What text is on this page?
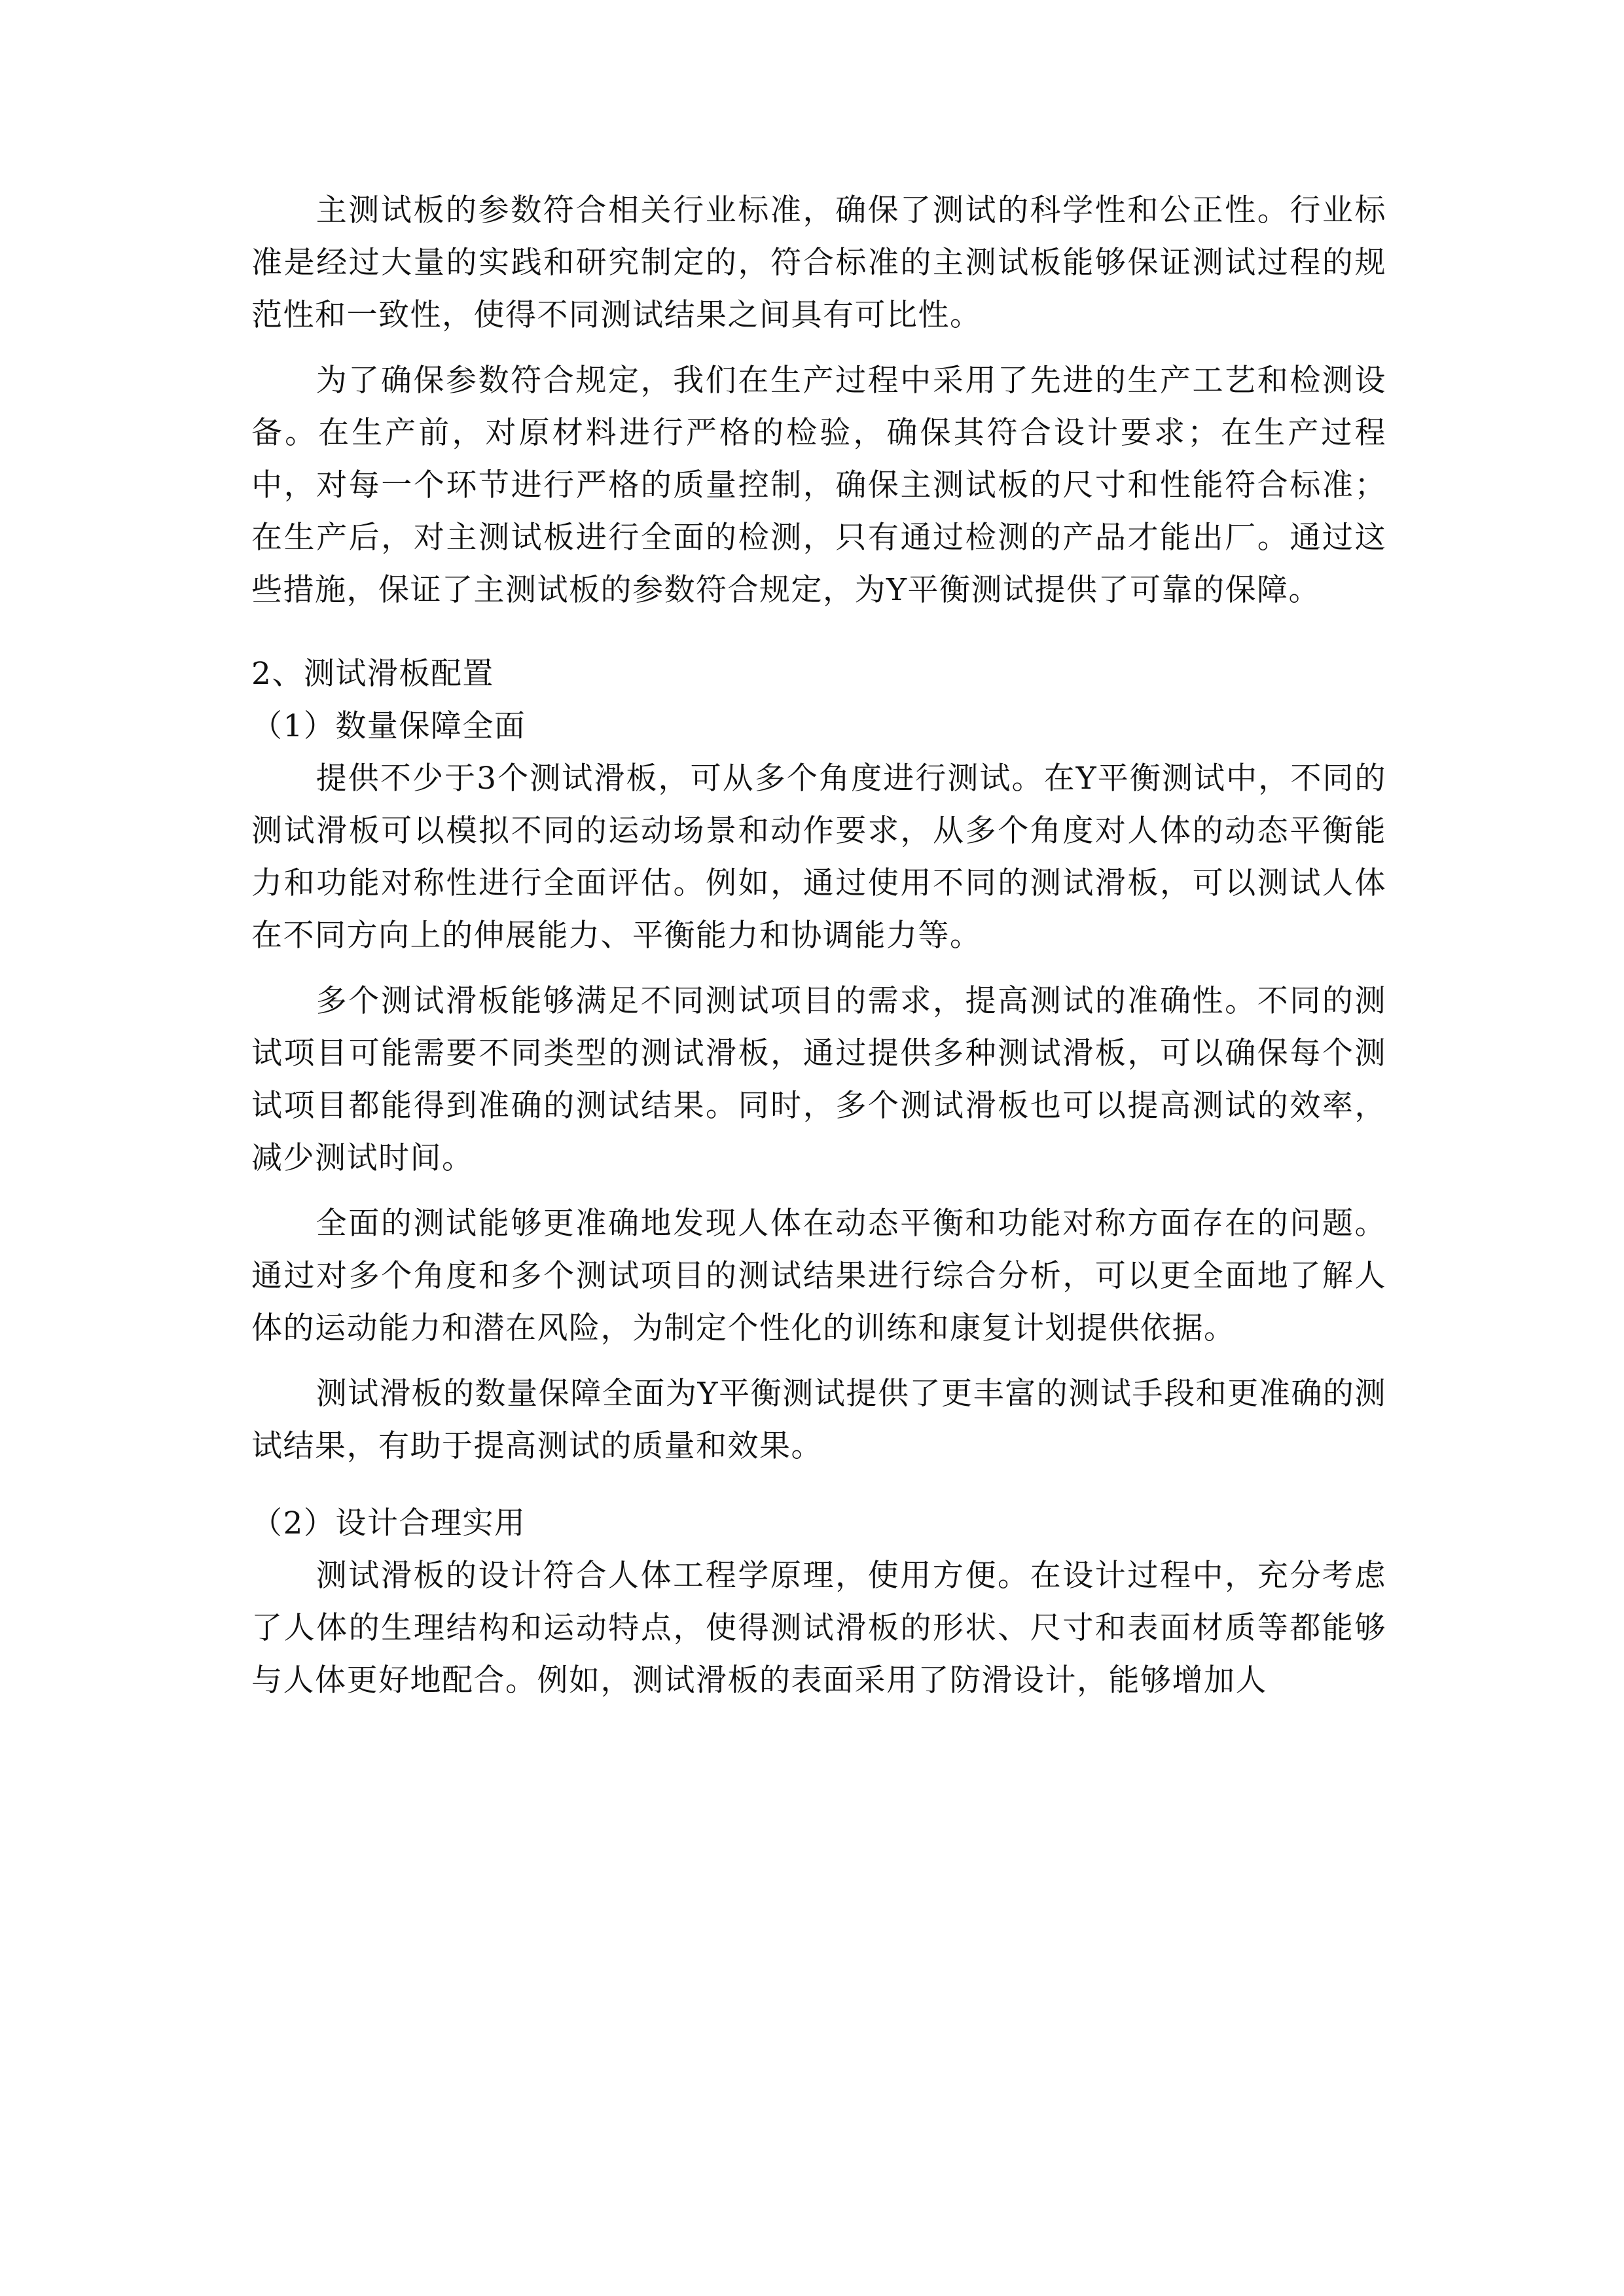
主测试板的参数符合相关行业标准，确保了测试的科学性和公正性。行业标准是经过大量的实践和研究制定的，符合标准的主测试板能够保证测试过程的规范性和一致性，使得不同测试结果之间具有可比性。

为了确保参数符合规定，我们在生产过程中采用了先进的生产工艺和检测设备。在生产前，对原材料进行严格的检验，确保其符合设计要求；在生产过程中，对每一个环节进行严格的质量控制，确保主测试板的尺寸和性能符合标准；在生产后，对主测试板进行全面的检测，只有通过检测的产品才能出厂。通过这些措施，保证了主测试板的参数符合规定，为Y平衡测试提供了可靠的保障。

2、测试滑板配置

（1）数量保障全面

提供不少于3个测试滑板，可从多个角度进行测试。在Y平衡测试中，不同的测试滑板可以模拟不同的运动场景和动作要求，从多个角度对人体的动态平衡能力和功能对称性进行全面评估。例如，通过使用不同的测试滑板，可以测试人体在不同方向上的伸展能力、平衡能力和协调能力等。

多个测试滑板能够满足不同测试项目的需求，提高测试的准确性。不同的测试项目可能需要不同类型的测试滑板，通过提供多种测试滑板，可以确保每个测试项目都能得到准确的测试结果。同时，多个测试滑板也可以提高测试的效率，减少测试时间。

全面的测试能够更准确地发现人体在动态平衡和功能对称方面存在的问题。通过对多个角度和多个测试项目的测试结果进行综合分析，可以更全面地了解人体的运动能力和潜在风险，为制定个性化的训练和康复计划提供依据。

测试滑板的数量保障全面为Y平衡测试提供了更丰富的测试手段和更准确的测试结果，有助于提高测试的质量和效果。

（2）设计合理实用

测试滑板的设计符合人体工程学原理，使用方便。在设计过程中，充分考虑了人体的生理结构和运动特点，使得测试滑板的形状、尺寸和表面材质等都能够与人体更好地配合。例如，测试滑板的表面采用了防滑设计，能够增加人
